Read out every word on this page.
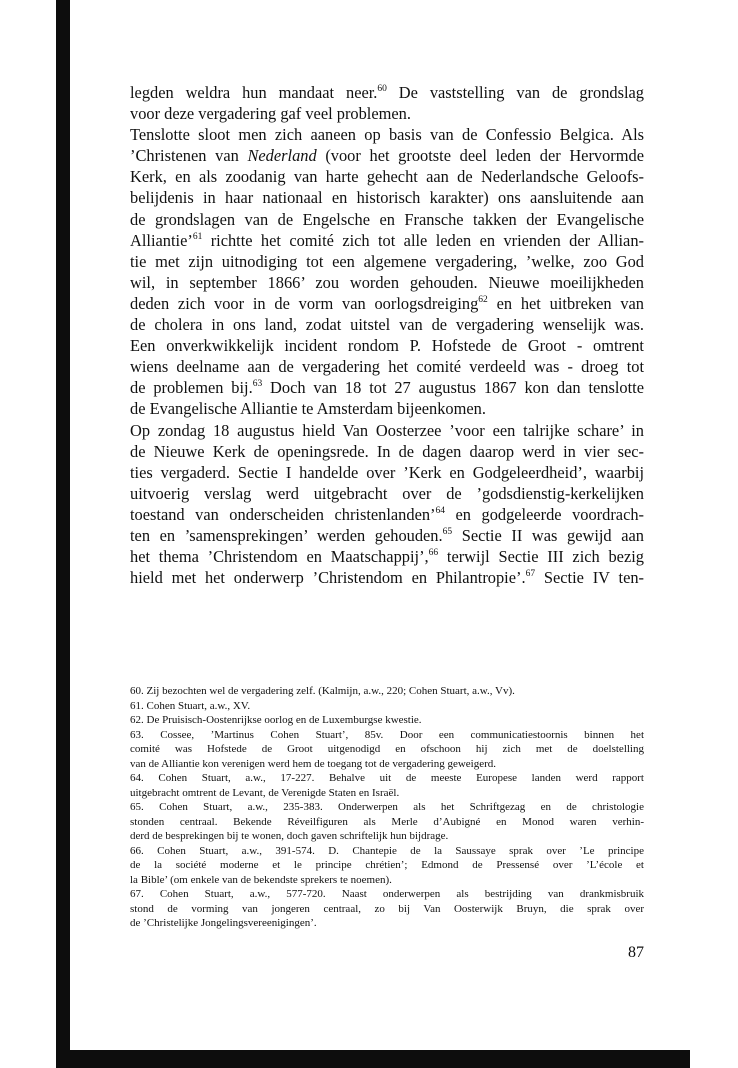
legden weldra hun mandaat neer.$^{60}$ De vaststelling van de grondslag
voor deze vergadering gaf veel problemen.
Tenslotte sloot men zich aaneen op basis van de Confessio Belgica. Als
’Christenen van Nederland (voor het grootste deel leden der Hervormde
Kerk, en als zoodanig van harte gehecht aan de Nederlandsche Geloofs-
belijdenis in haar nationaal en historisch karakter) ons aansluitende aan
de grondslagen van de Engelsche en Fransche takken der Evangelische
Alliantie’$^{61}$ richtte het comité zich tot alle leden en vrienden der Allian-
tie met zijn uitnodiging tot een algemene vergadering, ’welke, zoo God
wil, in september 1866’ zou worden gehouden. Nieuwe moeilijkheden
deden zich voor in de vorm van oorlogsdreiging$^{62}$ en het uitbreken van
de cholera in ons land, zodat uitstel van de vergadering wenselijk was.
Een onverkwikkelijk incident rondom P. Hofstede de Groot - omtrent
wiens deelname aan de vergadering het comité verdeeld was - droeg tot
de problemen bij.$^{63}$ Doch van 18 tot 27 augustus 1867 kon dan tenslotte
de Evangelische Alliantie te Amsterdam bijeenkomen.
Op zondag 18 augustus hield Van Oosterzee ’voor een talrijke schare’ in
de Nieuwe Kerk de openingsrede. In de dagen daarop werd in vier sec-
ties vergaderd. Sectie I handelde over ’Kerk en Godgeleerdheid’, waarbij
uitvoerig verslag werd uitgebracht over de ’godsdienstig-kerkelijken
toestand van onderscheiden christenlanden’$^{64}$ en godgeleerde voordrach-
ten en ’samensprekingen’ werden gehouden.$^{65}$ Sectie II was gewijd aan
het thema ’Christendom en Maatschappij’,$^{66}$ terwijl Sectie III zich bezig
hield met het onderwerp ’Christendom en Philantropie’.$^{67}$ Sectie IV ten-
60. Zij bezochten wel de vergadering zelf. (Kalmijn, a.w., 220; Cohen Stuart, a.w., Vv).
61. Cohen Stuart, a.w., XV.
62. De Pruisisch-Oostenrijkse oorlog en de Luxemburgse kwestie.
63. Cossee, ’Martinus Cohen Stuart’, 85v. Door een communicatiestoornis binnen het
comité was Hofstede de Groot uitgenodigd en ofschoon hij zich met de doelstelling
van de Alliantie kon verenigen werd hem de toegang tot de vergadering geweigerd.
64. Cohen Stuart, a.w., 17-227. Behalve uit de meeste Europese landen werd rapport
uitgebracht omtrent de Levant, de Verenigde Staten en Israël.
65. Cohen Stuart, a.w., 235-383. Onderwerpen als het Schriftgezag en de christologie
stonden centraal. Bekende Réveilfiguren als Merle d’Aubigné en Monod waren verhin-
derd de besprekingen bij te wonen, doch gaven schriftelijk hun bijdrage.
66. Cohen Stuart, a.w., 391-574. D. Chantepie de la Saussaye sprak over ’Le principe
de la société moderne et le principe chrétien’; Edmond de Pressensé over ’L’école et
la Bible’ (om enkele van de bekendste sprekers te noemen).
67. Cohen Stuart, a.w., 577-720. Naast onderwerpen als bestrijding van drankmisbruik
stond de vorming van jongeren centraal, zo bij Van Oosterwijk Bruyn, die sprak over
de ’Christelijke Jongelingsvereenigingen’.
87
